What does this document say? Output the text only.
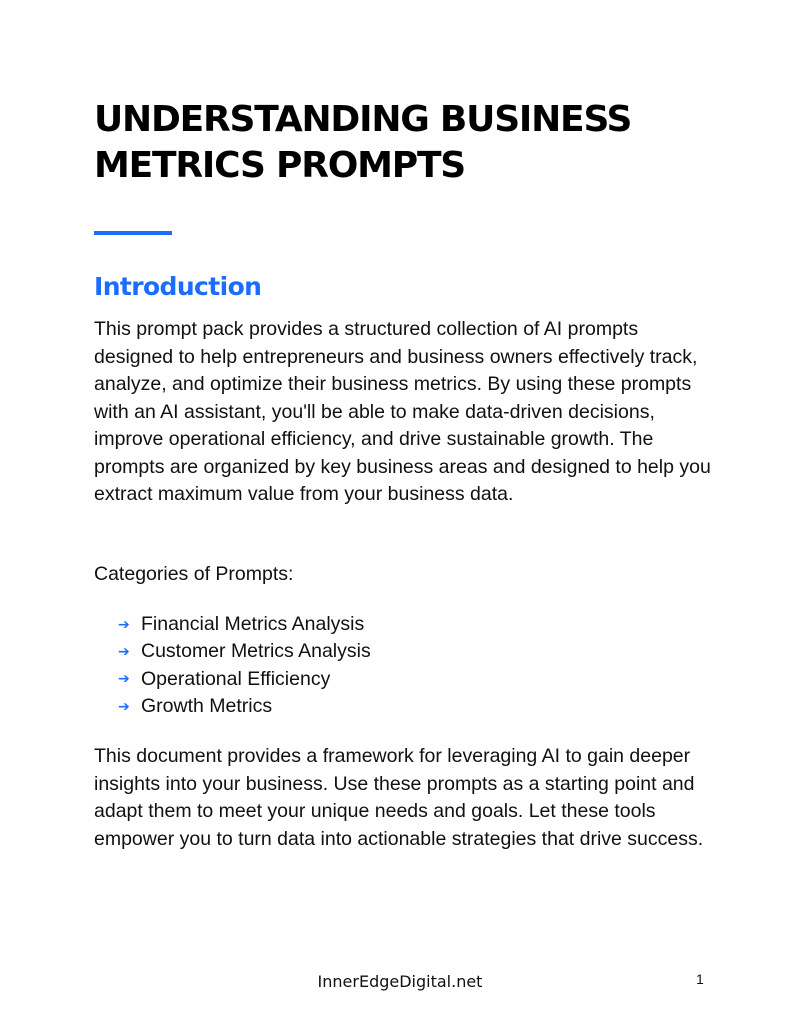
UNDERSTANDING BUSINESS METRICS PROMPTS
Introduction

This prompt pack provides a structured collection of AI prompts designed to help entrepreneurs and business owners effectively track, analyze, and optimize their business metrics. By using these prompts with an AI assistant, you'll be able to make data-driven decisions, improve operational efficiency, and drive sustainable growth. The prompts are organized by key business areas and designed to help you extract maximum value from your business data.

Categories of Prompts:

➔ Financial Metrics Analysis
➔ Customer Metrics Analysis
➔ Operational Efficiency
➔ Growth Metrics

This document provides a framework for leveraging AI to gain deeper insights into your business. Use these prompts as a starting point and adapt them to meet your unique needs and goals. Let these tools empower you to turn data into actionable strategies that drive success.

InnerEdgeDigital.net	1
